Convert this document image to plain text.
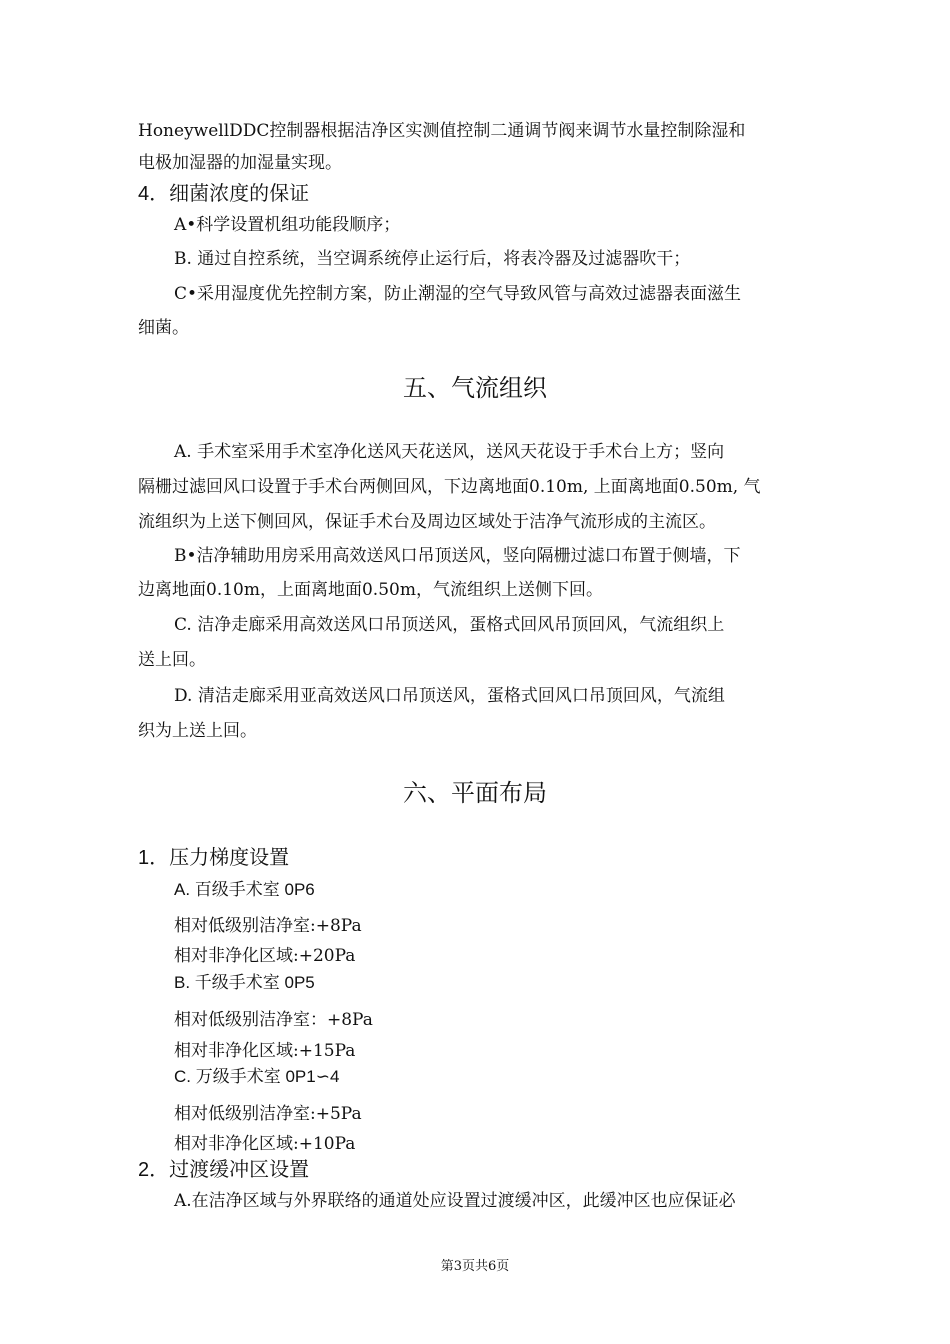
HoneywellDDC控制器根据洁净区实测值控制二通调节阀来调节水量控制除湿和
电极加湿器的加湿量实现。
4．细菌浓度的保证
A•科学设置机组功能段顺序；
B. 通过自控系统，当空调系统停止运行后，将表冷器及过滤器吹干；
C•采用湿度优先控制方案，防止潮湿的空气导致风管与高效过滤器表面滋生
细菌。
五、气流组织
A. 手术室采用手术室净化送风天花送风，送风天花设于手术台上方；竖向
隔栅过滤回风口设置于手术台两侧回风，下边离地面0.10m, 上面离地面0.50m, 气
流组织为上送下侧回风，保证手术台及周边区域处于洁净气流形成的主流区。
B•洁净辅助用房采用高效送风口吊顶送风，竖向隔栅过滤口布置于侧墙，下
边离地面0.10m，上面离地面0.50m，气流组织上送侧下回。
C. 洁净走廊采用高效送风口吊顶送风，蛋格式回风吊顶回风，气流组织上
送上回。
D. 清洁走廊采用亚高效送风口吊顶送风，蛋格式回风口吊顶回风，气流组
织为上送上回。
六、平面布局
1．压力梯度设置
A. 百级手术室 0P6
相对低级别洁净室:+8Pa
相对非净化区域:+20Pa
B. 千级手术室 0P5
相对低级别洁净室：+8Pa
相对非净化区域:+15Pa
C. 万级手术室 0P1∽4
相对低级别洁净室:+5Pa
相对非净化区域:+10Pa
2．过渡缓冲区设置
A.在洁净区域与外界联络的通道处应设置过渡缓冲区，此缓冲区也应保证必
第3页共6页
